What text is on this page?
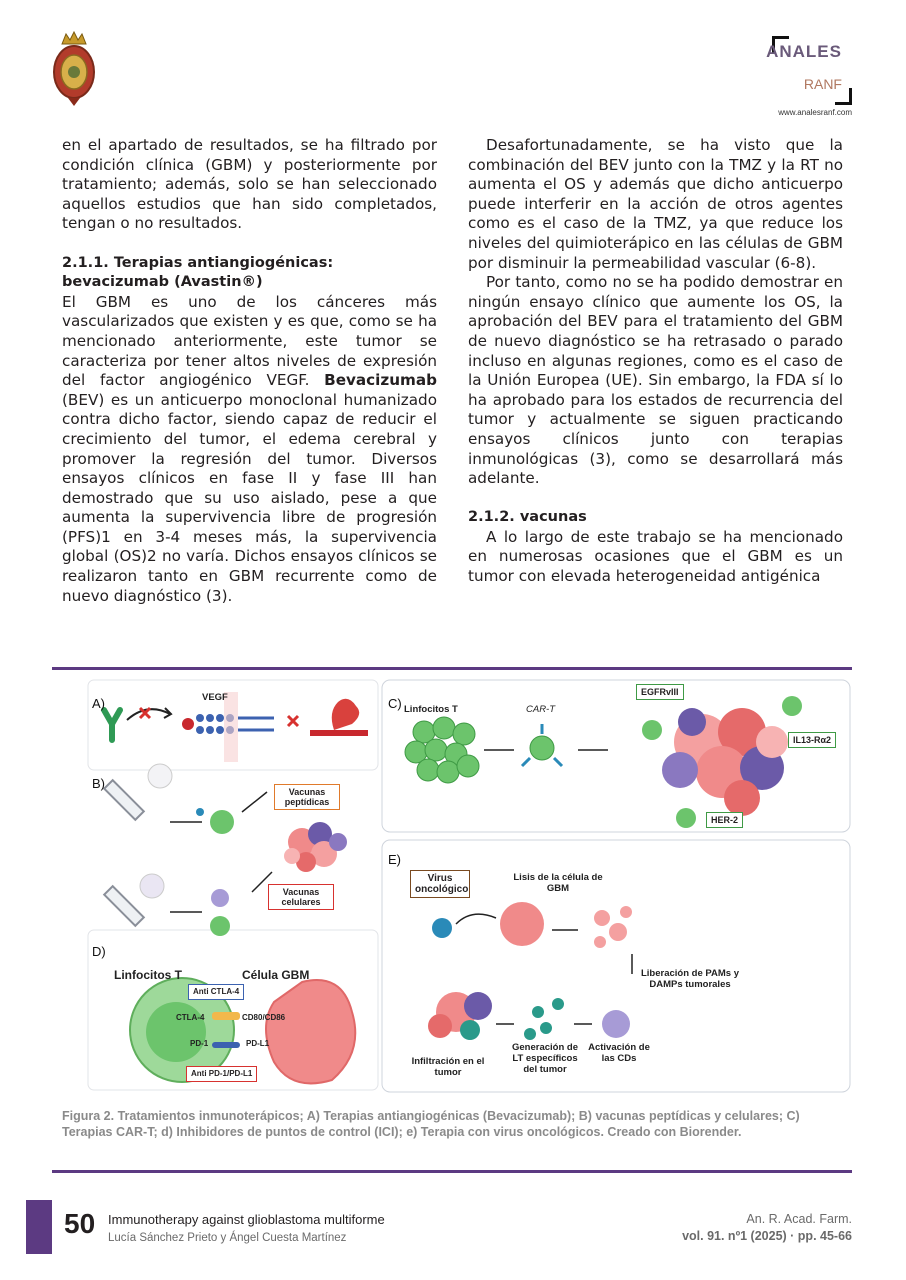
ANALES
RANF
www.analesranf.com

en el apartado de resultados, se ha filtrado por condición clínica (GBM) y posteriormente por tratamiento; además, solo se han seleccionado aquellos estudios que han sido completados, tengan o no resultados.

2.1.1. Terapias antiangiogénicas: bevacizumab (Avastin®)

El GBM es uno de los cánceres más vascularizados que existen y es que, como se ha mencionado anteriormente, este tumor se caracteriza por tener altos niveles de expresión del factor angiogénico VEGF. Bevacizumab (BEV) es un anticuerpo monoclonal humanizado contra dicho factor, siendo capaz de reducir el crecimiento del tumor, el edema cerebral y promover la regresión del tumor. Diversos ensayos clínicos en fase II y fase III han demostrado que su uso aislado, pese a que aumenta la supervivencia libre de progresión (PFS)1 en 3-4 meses más, la supervivencia global (OS)2 no varía. Dichos ensayos clínicos se realizaron tanto en GBM recurrente como de nuevo diagnóstico (3).

Desafortunadamente, se ha visto que la combinación del BEV junto con la TMZ y la RT no aumenta el OS y además que dicho anticuerpo puede interferir en la acción de otros agentes como es el caso de la TMZ, ya que reduce los niveles del quimioterápico en las células de GBM por disminuir la permeabilidad vascular (6-8).

Por tanto, como no se ha podido demostrar en ningún ensayo clínico que aumente los OS, la aprobación del BEV para el tratamiento del GBM de nuevo diagnóstico se ha retrasado o parado incluso en algunas regiones, como es el caso de la Unión Europea (UE). Sin embargo, la FDA sí lo ha aprobado para los estados de recurrencia del tumor y actualmente se siguen practicando ensayos clínicos junto con terapias inmunológicas (3), como se desarrollará más adelante.

2.1.2. vacunas

A lo largo de este trabajo se ha mencionado en numerosas ocasiones que el GBM es un tumor con elevada heterogeneidad antigénica

A)
B)
C)
D)
E)
VEGF
Vacunas peptídicas
Vacunas celulares
Linfocitos T	CAR-T
EGFRvIII
IL13-Rα2
HER-2
Linfocitos T	Célula GBM
Anti CTLA-4
CTLA-4	CD80/CD86
PD-1	PD-L1
Anti PD-1/PD-L1
Virus oncológico
Lisis de la célula de GBM
Liberación de PAMs y DAMPs tumorales
Activación de las CDs
Generación de LT específicos del tumor
Infiltración en el tumor
Figura 2. Tratamientos inmunoterápicos; A) Terapias antiangiogénicas (Bevacizumab); B) vacunas peptídicas y celulares; C) Terapias CAR-T; d) Inhibidores de puntos de control (ICI); e) Terapia con virus oncológicos. Creado con Biorender.
50 Immunotherapy against glioblastoma multiforme
Lucía Sánchez Prieto y Ángel Cuesta Martínez
An. R. Acad. Farm.
vol. 91. nº1 (2025) · pp. 45-66
